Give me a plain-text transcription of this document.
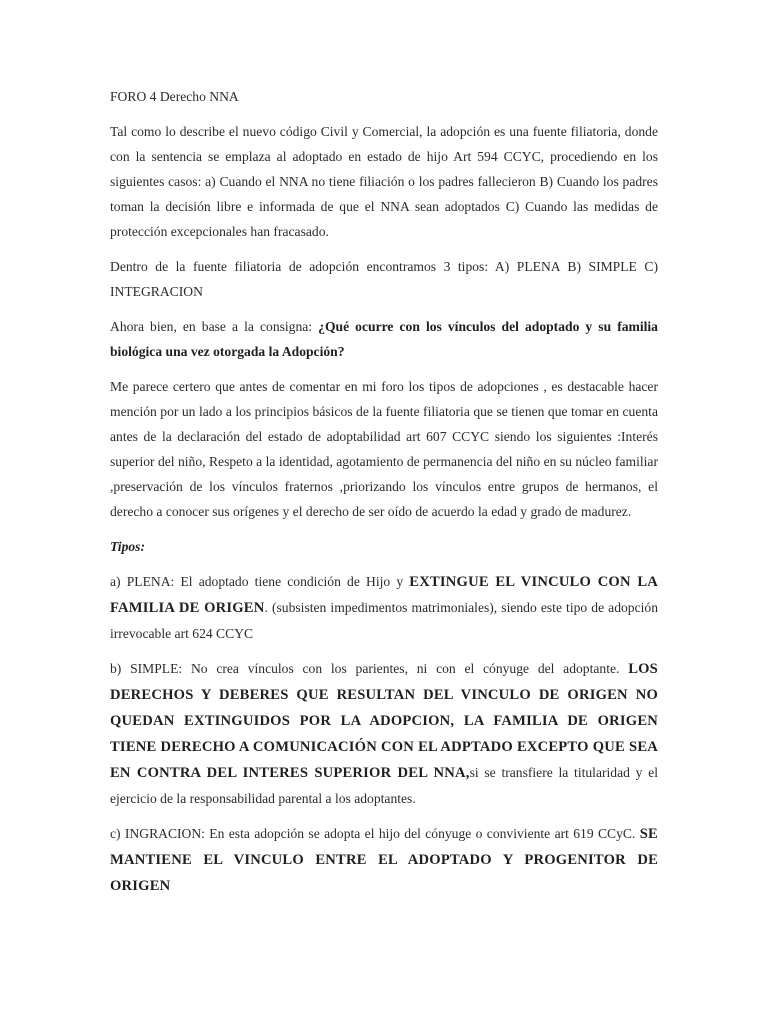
FORO 4 Derecho NNA

Tal como lo describe el nuevo código Civil y Comercial, la adopción es una fuente filiatoria, donde con la sentencia se emplaza al adoptado en estado de hijo Art 594 CCYC, procediendo en los siguientes casos: a) Cuando el NNA no tiene filiación o los padres fallecieron B) Cuando los padres toman la decisión libre e informada de que el NNA sean adoptados C) Cuando las medidas de protección excepcionales han fracasado.

Dentro de la fuente filiatoria de adopción encontramos 3 tipos: A) PLENA B) SIMPLE C) INTEGRACION

Ahora bien, en base a la consigna: ¿Qué ocurre con los vínculos del adoptado y su familia biológica una vez otorgada la Adopción?

Me parece certero que antes de comentar en mi foro los tipos de adopciones , es destacable hacer mención por un lado a los principios básicos de la fuente filiatoria que se tienen que tomar en cuenta antes de la declaración del estado de adoptabilidad art 607 CCYC siendo los siguientes :Interés superior del niño, Respeto a la identidad, agotamiento de permanencia del niño en su núcleo familiar ,preservación de los vínculos fraternos ,priorizando los vínculos entre grupos de hermanos, el derecho a conocer sus orígenes y el derecho de ser oído de acuerdo la edad y grado de madurez.

Tipos:

a) PLENA: El adoptado tiene condición de Hijo y EXTINGUE EL VINCULO CON LA FAMILIA DE ORIGEN. (subsisten impedimentos matrimoniales), siendo este tipo de adopción irrevocable art 624 CCYC

b) SIMPLE: No crea vínculos con los parientes, ni con el cónyuge del adoptante. LOS DERECHOS Y DEBERES QUE RESULTAN DEL VINCULO DE ORIGEN NO QUEDAN EXTINGUIDOS POR LA ADOPCION, LA FAMILIA DE ORIGEN TIENE DERECHO A COMUNICACIÓN CON EL ADPTADO EXCEPTO QUE SEA EN CONTRA DEL INTERES SUPERIOR DEL NNA,si se transfiere la titularidad y el ejercicio de la responsabilidad parental a los adoptantes.

c) INGRACION: En esta adopción se adopta el hijo del cónyuge o conviviente art 619 CCyC. SE MANTIENE EL VINCULO ENTRE EL ADOPTADO Y PROGENITOR DE ORIGEN
